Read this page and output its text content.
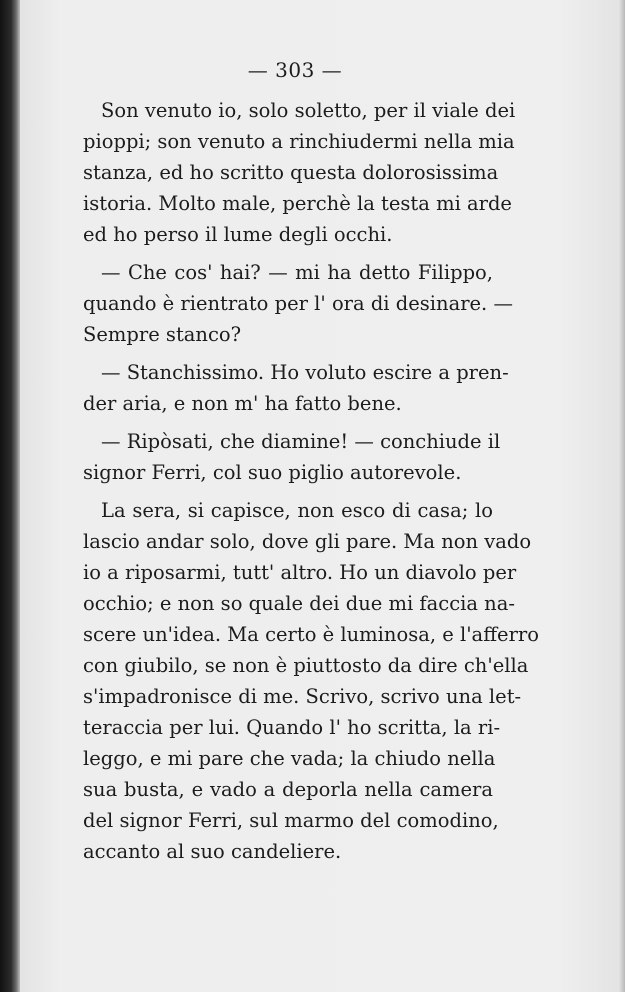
— 303 —
Son venuto io, solo soletto, per il viale dei
pioppi; son venuto a rinchiudermi nella mia
stanza, ed ho scritto questa dolorosissima
istoria. Molto male, perchè la testa mi arde
ed ho perso il lume degli occhi.
— Che cos' hai? — mi ha detto Filippo,
quando è rientrato per l' ora di desinare. —
Sempre stanco?
— Stanchissimo. Ho voluto escire a pren-
der aria, e non m' ha fatto bene.
— Ripòsati, che diamine! — conchiude il
signor Ferri, col suo piglio autorevole.
La sera, si capisce, non esco di casa; lo
lascio andar solo, dove gli pare. Ma non vado
io a riposarmi, tutt' altro. Ho un diavolo per
occhio; e non so quale dei due mi faccia na-
scere un'idea. Ma certo è luminosa, e l'afferro
con giubilo, se non è piuttosto da dire ch'ella
s'impadronisce di me. Scrivo, scrivo una let-
teraccia per lui. Quando l' ho scritta, la ri-
leggo, e mi pare che vada; la chiudo nella
sua busta, e vado a deporla nella camera
del signor Ferri, sul marmo del comodino,
accanto al suo candeliere.
